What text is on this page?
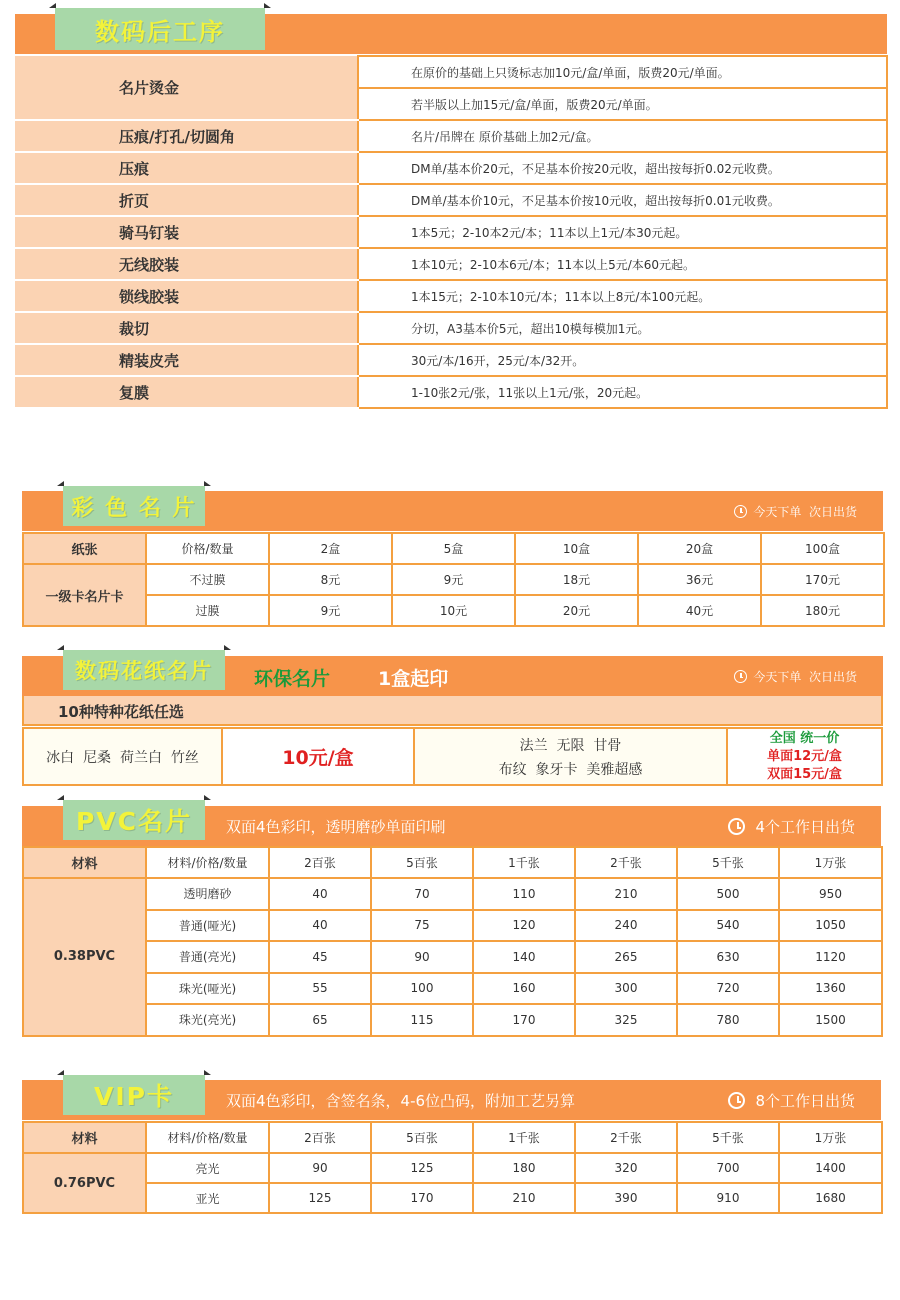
数码后工序
名片烫金	在原价的基础上只烫标志加10元/盒/单面，版费20元/单面。
	若半版以上加15元/盒/单面，版费20元/单面。
压痕/打孔/切圆角	名片/吊牌在 原价基础上加2元/盒。
压痕	DM单/基本价20元，不足基本价按20元收，超出按每折0.02元收费。
折页	DM单/基本价10元，不足基本价按10元收，超出按每折0.01元收费。
骑马钉装	1本5元；2-10本2元/本；11本以上1元/本30元起。
无线胶装	1本10元；2-10本6元/本；11本以上5元/本60元起。
锁线胶装	1本15元；2-10本10元/本；11本以上8元/本100元起。
裁切	分切，A3基本价5元，超出10模每模加1元。
精装皮壳	30元/本/16开，25元/本/32开。
复膜	1-10张2元/张，11张以上1元/张，20元起。
今天下单  次日出货
彩 色 名 片
纸张	价格/数量	2盒	5盒	10盒	20盒	100盒
一级卡名片卡	不过膜	8元	9元	18元	36元	170元
	过膜	9元	10元	20元	40元	180元
环保名片	1盒起印	今天下单  次日出货
数码花纸名片
10种特种花纸任选
冰白  尼桑  荷兰白  竹丝	10元/盒
法兰  无限  甘骨
布纹  象牙卡  美雅超感
全国 统一价
单面12元/盒
双面15元/盒
双面4色彩印，透明磨砂单面印刷	4个工作日出货
PVC名片
材料	材料/价格/数量	2百张	5百张	1千张	2千张	5千张	1万张
0.38PVC	透明磨砂	40	70	110	210	500	950
	普通(哑光)	40	75	120	240	540	1050
	普通(亮光)	45	90	140	265	630	1120
	珠光(哑光)	55	100	160	300	720	1360
	珠光(亮光)	65	115	170	325	780	1500
双面4色彩印，含签名条，4-6位凸码，附加工艺另算	8个工作日出货
VIP卡
材料	材料/价格/数量	2百张	5百张	1千张	2千张	5千张	1万张
0.76PVC	亮光	90	125	180	320	700	1400
	亚光	125	170	210	390	910	1680
